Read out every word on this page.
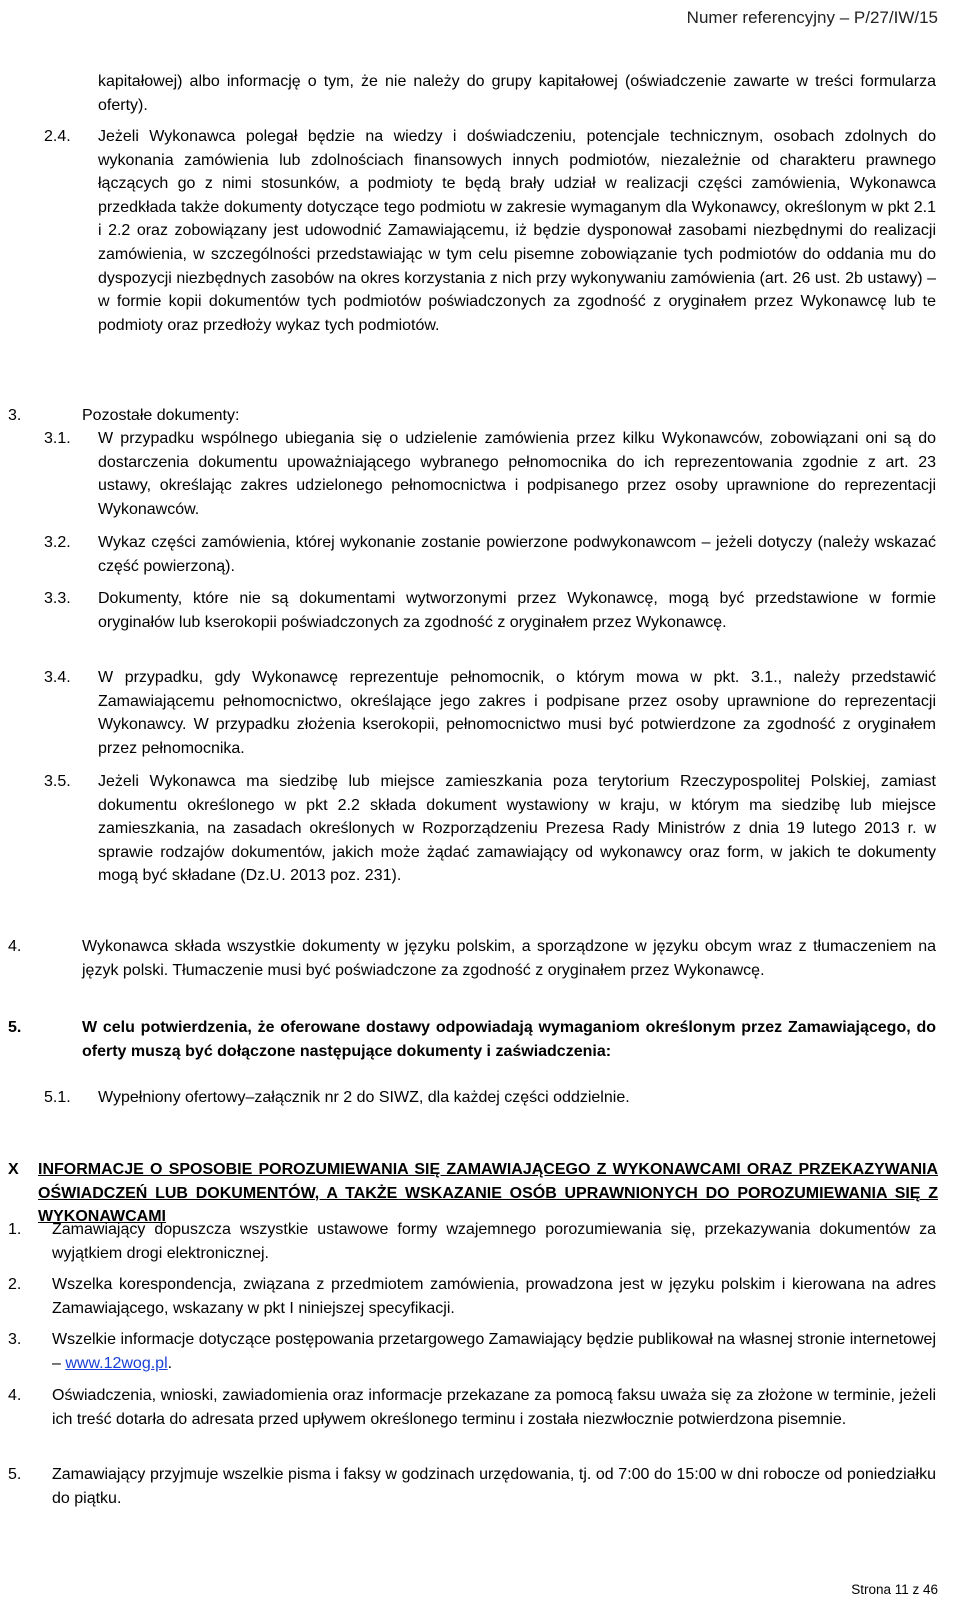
Numer referencyjny – P/27/IW/15

kapitałowej) albo informację o tym, że nie należy do grupy kapitałowej (oświadczenie zawarte w treści formularza oferty).

2.4. Jeżeli Wykonawca polegał będzie na wiedzy i doświadczeniu, potencjale technicznym, osobach zdolnych do wykonania zamówienia lub zdolnościach finansowych innych podmiotów, niezależnie od charakteru prawnego łączących go z nimi stosunków, a podmioty te będą brały udział w realizacji części zamówienia, Wykonawca przedkłada także dokumenty dotyczące tego podmiotu w zakresie wymaganym dla Wykonawcy, określonym w pkt 2.1 i 2.2 oraz zobowiązany jest udowodnić Zamawiającemu, iż będzie dysponował zasobami niezbędnymi do realizacji zamówienia, w szczególności przedstawiając w tym celu pisemne zobowiązanie tych podmiotów do oddania mu do dyspozycji niezbędnych zasobów na okres korzystania z nich przy wykonywaniu zamówienia (art. 26 ust. 2b ustawy) – w formie kopii dokumentów tych podmiotów poświadczonych za zgodność z oryginałem przez Wykonawcę lub te podmioty oraz przedłoży wykaz tych podmiotów.

3.	Pozostałe dokumenty:

3.1. W przypadku wspólnego ubiegania się o udzielenie zamówienia przez kilku Wykonawców, zobowiązani oni są do dostarczenia dokumentu upoważniającego wybranego pełnomocnika do ich reprezentowania zgodnie z art. 23 ustawy, określając zakres udzielonego pełnomocnictwa i podpisanego przez osoby uprawnione do reprezentacji Wykonawców.

3.2. Wykaz części zamówienia, której wykonanie zostanie powierzone podwykonawcom – jeżeli dotyczy (należy wskazać część powierzoną).

3.3. Dokumenty, które nie są dokumentami wytworzonymi przez Wykonawcę, mogą być przedstawione w formie oryginałów lub kserokopii poświadczonych za zgodność z oryginałem przez Wykonawcę.

3.4. W przypadku, gdy Wykonawcę reprezentuje pełnomocnik, o którym mowa w pkt. 3.1., należy przedstawić Zamawiającemu pełnomocnictwo, określające jego zakres i podpisane przez osoby uprawnione do reprezentacji Wykonawcy. W przypadku złożenia kserokopii, pełnomocnictwo musi być potwierdzone za zgodność z oryginałem przez pełnomocnika.

3.5. Jeżeli Wykonawca ma siedzibę lub miejsce zamieszkania poza terytorium Rzeczypospolitej Polskiej, zamiast dokumentu określonego w pkt 2.2 składa dokument wystawiony w kraju, w którym ma siedzibę lub miejsce zamieszkania, na zasadach określonych w Rozporządzeniu Prezesa Rady Ministrów z dnia 19 lutego 2013 r. w sprawie rodzajów dokumentów, jakich może żądać zamawiający od wykonawcy oraz form, w jakich te dokumenty mogą być składane (Dz.U. 2013 poz. 231).

4.	Wykonawca składa wszystkie dokumenty w języku polskim, a sporządzone w języku obcym wraz z tłumaczeniem na język polski. Tłumaczenie musi być poświadczone za zgodność z oryginałem przez Wykonawcę.

5.	W celu potwierdzenia, że oferowane dostawy odpowiadają wymaganiom określonym przez Zamawiającego, do oferty muszą być dołączone następujące dokumenty i zaświadczenia:

5.1. Wypełniony ofertowy–załącznik nr 2 do SIWZ, dla każdej części oddzielnie.

X INFORMACJE O SPOSOBIE POROZUMIEWANIA SIĘ ZAMAWIAJĄCEGO Z WYKONAWCAMI ORAZ PRZEKAZYWANIA OŚWIADCZEŃ LUB DOKUMENTÓW, A TAKŻE WSKAZANIE OSÓB UPRAWNIONYCH DO POROZUMIEWANIA SIĘ Z WYKONAWCAMI
1. Zamawiający dopuszcza wszystkie ustawowe formy wzajemnego porozumiewania się, przekazywania dokumentów za wyjątkiem drogi elektronicznej.

2. Wszelka korespondencja, związana z przedmiotem zamówienia, prowadzona jest w języku polskim i kierowana na adres Zamawiającego, wskazany w pkt I niniejszej specyfikacji.

3. Wszelkie informacje dotyczące postępowania przetargowego Zamawiający będzie publikował na własnej stronie internetowej – www.12wog.pl.

4. Oświadczenia, wnioski, zawiadomienia oraz informacje przekazane za pomocą faksu uważa się za złożone w terminie, jeżeli ich treść dotarła do adresata przed upływem określonego terminu i została niezwłocznie potwierdzona pisemnie.

5. Zamawiający przyjmuje wszelkie pisma i faksy w godzinach urzędowania, tj. od 7:00 do 15:00 w dni robocze od poniedziałku do piątku.

Strona 11 z 46
